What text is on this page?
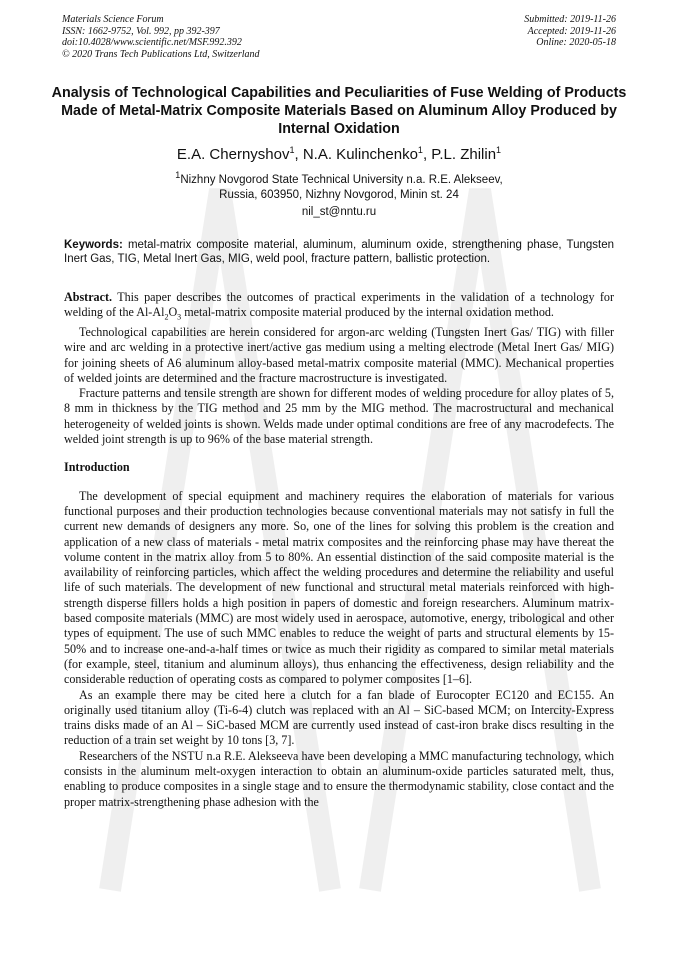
Materials Science Forum
ISSN: 1662-9752, Vol. 992, pp 392-397
doi:10.4028/www.scientific.net/MSF.992.392
© 2020 Trans Tech Publications Ltd, Switzerland
Submitted: 2019-11-26
Accepted: 2019-11-26
Online: 2020-05-18
Analysis of Technological Capabilities and Peculiarities of Fuse Welding of Products Made of Metal-Matrix Composite Materials Based on Aluminum Alloy Produced by Internal Oxidation
E.A. Chernyshov$^1$, N.A. Kulinchenko$^1$, P.L. Zhilin$^1$
$^1$Nizhny Novgorod State Technical University n.a. R.E. Alekseev,
Russia, 603950, Nizhny Novgorod, Minin st. 24
nil_st@nntu.ru
Keywords: metal-matrix composite material, aluminum, aluminum oxide, strengthening phase, Tungsten Inert Gas, TIG, Metal Inert Gas, MIG, weld pool, fracture pattern, ballistic protection.

Abstract. This paper describes the outcomes of practical experiments in the validation of a technology for welding of the $Al-Al_2O_3$ metal-matrix composite material produced by the internal oxidation method.

Technological capabilities are herein considered for argon-arc welding (Tungsten Inert Gas/ TIG) with filler wire and arc welding in a protective inert/active gas medium using a melting electrode (Metal Inert Gas/ MIG) for joining sheets of A6 aluminum alloy-based metal-matrix composite material (MMC). Mechanical properties of welded joints are determined and the fracture macrostructure is investigated.

Fracture patterns and tensile strength are shown for different modes of welding procedure for alloy plates of 5, 8 mm in thickness by the TIG method and 25 mm by the MIG method. The macrostructural and mechanical heterogeneity of welded joints is shown. Welds made under optimal conditions are free of any macrodefects. The welded joint strength is up to 96% of the base material strength.

Introduction

The development of special equipment and machinery requires the elaboration of materials for various functional purposes and their production technologies because conventional materials may not satisfy in full the current new demands of designers any more. So, one of the lines for solving this problem is the creation and application of a new class of materials - metal matrix composites and the reinforcing phase may have thereat the volume content in the matrix alloy from 5 to 80%. An essential distinction of the said composite material is the availability of reinforcing particles, which affect the welding procedures and determine the reliability and useful life of such materials. The development of new functional and structural metal materials reinforced with high-strength disperse fillers holds a high position in papers of domestic and foreign researchers. Aluminum matrix-based composite materials (MMC) are most widely used in aerospace, automotive, energy, tribological and other types of equipment. The use of such MMC enables to reduce the weight of parts and structural elements by 15-50% and to increase one-and-a-half times or twice as much their rigidity as compared to similar metal materials (for example, steel, titanium and aluminum alloys), thus enhancing the effectiveness, design reliability and the considerable reduction of operating costs as compared to polymer composites [1–6].

As an example there may be cited here a clutch for a fan blade of Eurocopter EC120 and EC155. An originally used titanium alloy (Ti-6-4) clutch was replaced with an Al – SiC-based MCM; on Intercity-Express trains disks made of an Al – SiC-based MCM are currently used instead of cast-iron brake discs resulting in the reduction of a train set weight by 10 tons [3, 7].

Researchers of the NSTU n.a R.E. Alekseeva have been developing a MMC manufacturing technology, which consists in the aluminum melt-oxygen interaction to obtain an aluminum-oxide particles saturated melt, thus, enabling to produce composites in a single stage and to ensure the thermodynamic stability, close contact and the proper matrix-strengthening phase adhesion with the
